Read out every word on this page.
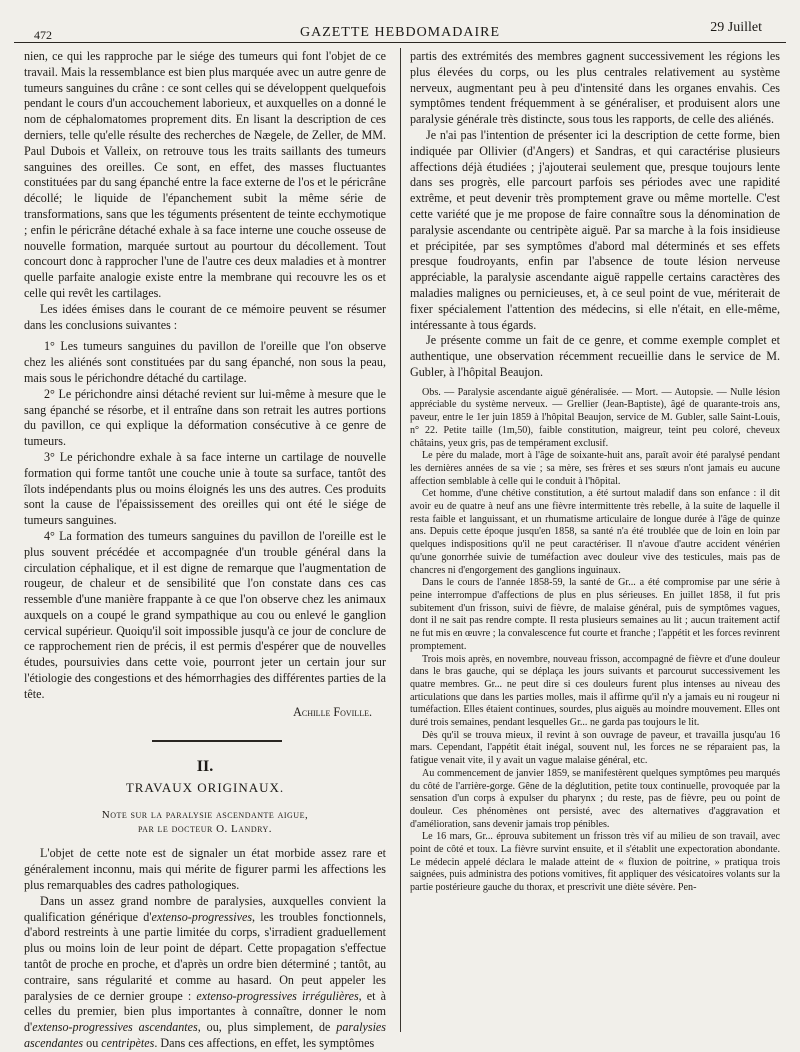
472	GAZETTE HEBDOMADAIRE	29 Juillet

nien, ce qui les rapproche par le siége des tumeurs qui font l'objet de ce travail. Mais la ressemblance est bien plus marquée avec un autre genre de tumeurs sanguines du crâne : ce sont celles qui se développent quelquefois pendant le cours d'un accouchement laborieux, et auxquelles on a donné le nom de céphalomatomes proprement dits. En lisant la description de ces derniers, telle qu'elle résulte des recherches de Nægele, de Zeller, de MM. Paul Dubois et Valleix, on retrouve tous les traits saillants des tumeurs sanguines des oreilles. Ce sont, en effet, des masses fluctuantes constituées par du sang épanché entre la face externe de l'os et le péricrâne décollé; le liquide de l'épanchement subit la même série de transformations, sans que les téguments présentent de teinte ecchymotique ; enfin le péricrâne détaché exhale à sa face interne une couche osseuse de nouvelle formation, marquée surtout au pourtour du décollement. Tout concourt donc à rapprocher l'une de l'autre ces deux maladies et à montrer quelle parfaite analogie existe entre la membrane qui recouvre les os et celle qui revêt les cartilages.

Les idées émises dans le courant de ce mémoire peuvent se résumer dans les conclusions suivantes :

1° Les tumeurs sanguines du pavillon de l'oreille que l'on observe chez les aliénés sont constituées par du sang épanché, non sous la peau, mais sous le périchondre détaché du cartilage.

2° Le périchondre ainsi détaché revient sur lui-même à mesure que le sang épanché se résorbe, et il entraîne dans son retrait les autres portions du pavillon, ce qui explique la déformation consécutive à ce genre de tumeurs.

3° Le périchondre exhale à sa face interne un cartilage de nouvelle formation qui forme tantôt une couche unie à toute sa surface, tantôt des îlots indépendants plus ou moins éloignés les uns des autres. Ces produits sont la cause de l'épaississement des oreilles qui ont été le siége de tumeurs sanguines.

4° La formation des tumeurs sanguines du pavillon de l'oreille est le plus souvent précédée et accompagnée d'un trouble général dans la circulation céphalique, et il est digne de remarque que l'augmentation de rougeur, de chaleur et de sensibilité que l'on constate dans ces cas ressemble d'une manière frappante à ce que l'on observe chez les animaux auxquels on a coupé le grand sympathique au cou ou enlevé le ganglion cervical supérieur. Quoiqu'il soit impossible jusqu'à ce jour de conclure de ce rapprochement rien de précis, il est permis d'espérer que de nouvelles études, poursuivies dans cette voie, pourront jeter un certain jour sur l'étiologie des congestions et des hémorrhagies des différentes parties de la tête.

Achille Foville.

II.
TRAVAUX ORIGINAUX.

Note sur la paralysie ascendante aigue,
par le docteur O. Landry.

L'objet de cette note est de signaler un état morbide assez rare et généralement inconnu, mais qui mérite de figurer parmi les affections les plus remarquables des cadres pathologiques.

Dans un assez grand nombre de paralysies, auxquelles convient la qualification générique d'extenso-progressives, les troubles fonctionnels, d'abord restreints à une partie limitée du corps, s'irradient graduellement plus ou moins loin de leur point de départ. Cette propagation s'effectue tantôt de proche en proche, et d'après un ordre bien déterminé ; tantôt, au contraire, sans régularité et comme au hasard. On peut appeler les paralysies de ce dernier groupe : extenso-progressives irrégulières, et à celles du premier, bien plus importantes à connaître, donner le nom d'extenso-progressives ascendantes, ou, plus simplement, de paralysies ascendantes ou centripètes. Dans ces affections, en effet, les symptômes

partis des extrémités des membres gagnent successivement les régions les plus élevées du corps, ou les plus centrales relativement au système nerveux, augmentant peu à peu d'intensité dans les organes envahis. Ces symptômes tendent fréquemment à se généraliser, et produisent alors une paralysie générale très distincte, sous tous les rapports, de celle des aliénés.

Je n'ai pas l'intention de présenter ici la description de cette forme, bien indiquée par Ollivier (d'Angers) et Sandras, et qui caractérise plusieurs affections déjà étudiées ; j'ajouterai seulement que, presque toujours lente dans ses progrès, elle parcourt parfois ses périodes avec une rapidité extrême, et peut devenir très promptement grave ou même mortelle. C'est cette variété que je me propose de faire connaître sous la dénomination de paralysie ascendante ou centripète aiguë. Par sa marche à la fois insidieuse et précipitée, par ses symptômes d'abord mal déterminés et ses effets presque foudroyants, enfin par l'absence de toute lésion nerveuse appréciable, la paralysie ascendante aiguë rappelle certains caractères des maladies malignes ou pernicieuses, et, à ce seul point de vue, mériterait de fixer spécialement l'attention des médecins, si elle n'était, en elle-même, intéressante à tous égards.

Je présente comme un fait de ce genre, et comme exemple complet et authentique, une observation récemment recueillie dans le service de M. Gubler, à l'hôpital Beaujon.

Obs. — Paralysie ascendante aiguë généralisée. — Mort. — Autopsie. — Nulle lésion appréciable du système nerveux. — Grellier (Jean-Baptiste), âgé de quarante-trois ans, paveur, entre le 1er juin 1859 à l'hôpital Beaujon, service de M. Gubler, salle Saint-Louis, n° 22. Petite taille (1m,50), faible constitution, maigreur, teint peu coloré, cheveux châtains, yeux gris, pas de tempérament exclusif.

Le père du malade, mort à l'âge de soixante-huit ans, paraît avoir été paralysé pendant les dernières années de sa vie ; sa mère, ses frères et ses sœurs n'ont jamais eu aucune affection semblable à celle qui le conduit à l'hôpital.

Cet homme, d'une chétive constitution, a été surtout maladif dans son enfance : il dit avoir eu de quatre à neuf ans une fièvre intermittente très rebelle, à la suite de laquelle il resta faible et languissant, et un rhumatisme articulaire de longue durée à l'âge de quinze ans. Depuis cette époque jusqu'en 1858, sa santé n'a été troublée que de loin en loin par quelques indispositions qu'il ne peut caractériser. Il n'avoue d'autre accident vénérien qu'une gonorrhée suivie de tuméfaction avec douleur vive des testicules, mais pas de chancres ni d'engorgement des ganglions inguinaux.

Dans le cours de l'année 1858-59, la santé de Gr... a été compromise par une série à peine interrompue d'affections de plus en plus sérieuses. En juillet 1858, il fut pris subitement d'un frisson, suivi de fièvre, de malaise général, puis de symptômes vagues, dont il ne sait pas rendre compte. Il resta plusieurs semaines au lit ; aucun traitement actif ne fut mis en œuvre ; la convalescence fut courte et franche ; l'appétit et les forces revinrent promptement.

Trois mois après, en novembre, nouveau frisson, accompagné de fièvre et d'une douleur dans le bras gauche, qui se déplaça les jours suivants et parcourut successivement les quatre membres. Gr... ne peut dire si ces douleurs furent plus intenses au niveau des articulations que dans les parties molles, mais il affirme qu'il n'y a jamais eu ni rougeur ni tuméfaction. Elles étaient continues, sourdes, plus aiguës au moindre mouvement. Elles ont duré trois semaines, pendant lesquelles Gr... ne garda pas toujours le lit.

Dès qu'il se trouva mieux, il revint à son ouvrage de paveur, et travailla jusqu'au 16 mars. Cependant, l'appétit était inégal, souvent nul, les forces ne se réparaient pas, la fatigue venait vite, il y avait un vague malaise général, etc.

Au commencement de janvier 1859, se manifestèrent quelques symptômes peu marqués du côté de l'arrière-gorge. Gêne de la déglutition, petite toux continuelle, provoquée par la sensation d'un corps à expulser du pharynx ; du reste, pas de fièvre, peu ou point de douleur. Ces phénomènes ont persisté, avec des alternatives d'aggravation et d'amélioration, sans devenir jamais trop pénibles.

Le 16 mars, Gr... éprouva subitement un frisson très vif au milieu de son travail, avec point de côté et toux. La fièvre survint ensuite, et il s'établit une expectoration abondante. Le médecin appelé déclara le malade atteint de « fluxion de poitrine, » pratiqua trois saignées, puis administra des potions vomitives, fit appliquer des vésicatoires volants sur la partie postérieure gauche du thorax, et prescrivit une diète sévère. Pen-
